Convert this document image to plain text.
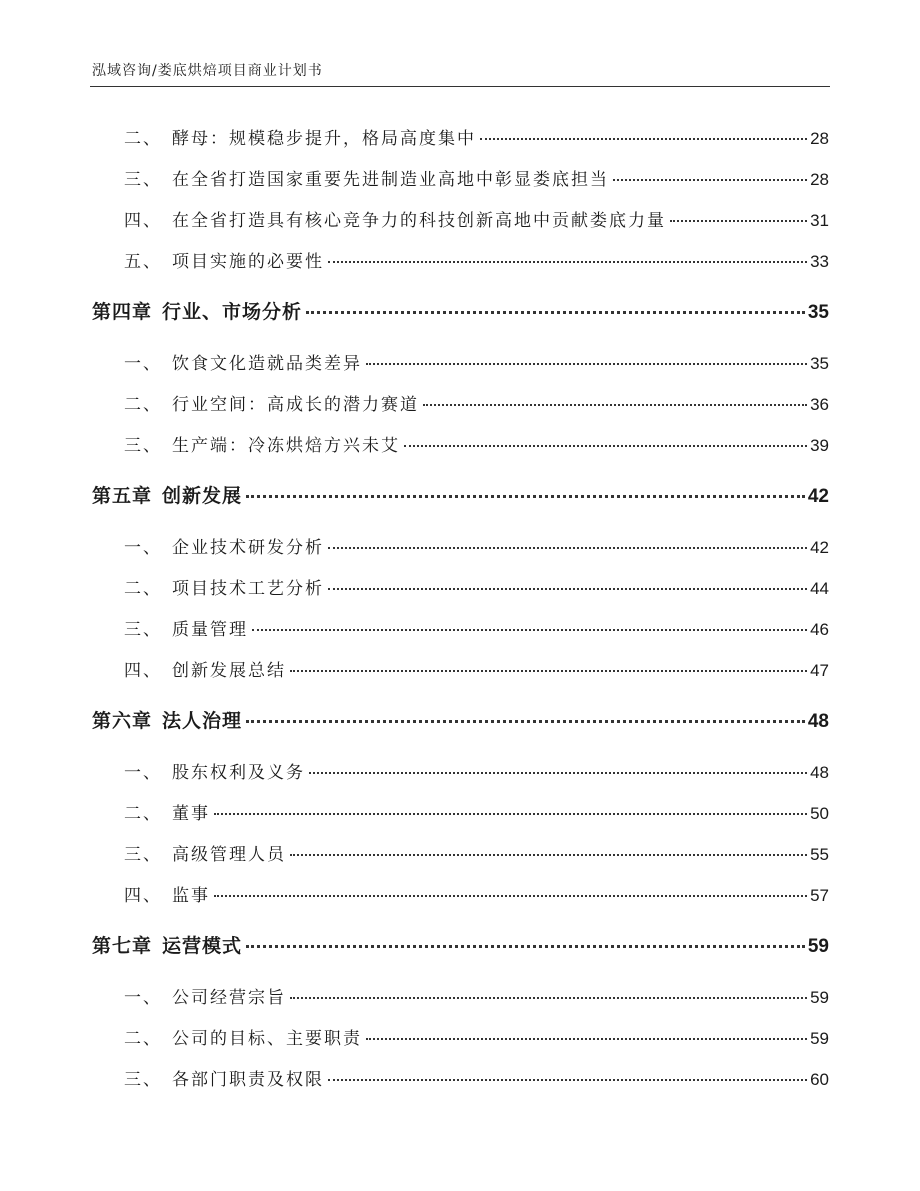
泓域咨询/娄底烘焙项目商业计划书
二、 酵母：规模稳步提升，格局高度集中	28
三、 在全省打造国家重要先进制造业高地中彰显娄底担当	28
四、 在全省打造具有核心竞争力的科技创新高地中贡献娄底力量	31
五、 项目实施的必要性	33
第四章 行业、市场分析	35
一、 饮食文化造就品类差异	35
二、 行业空间：高成长的潜力赛道	36
三、 生产端：冷冻烘焙方兴未艾	39
第五章 创新发展	42
一、 企业技术研发分析	42
二、 项目技术工艺分析	44
三、 质量管理	46
四、 创新发展总结	47
第六章 法人治理	48
一、 股东权利及义务	48
二、 董事	50
三、 高级管理人员	55
四、 监事	57
第七章 运营模式	59
一、 公司经营宗旨	59
二、 公司的目标、主要职责	59
三、 各部门职责及权限	60
